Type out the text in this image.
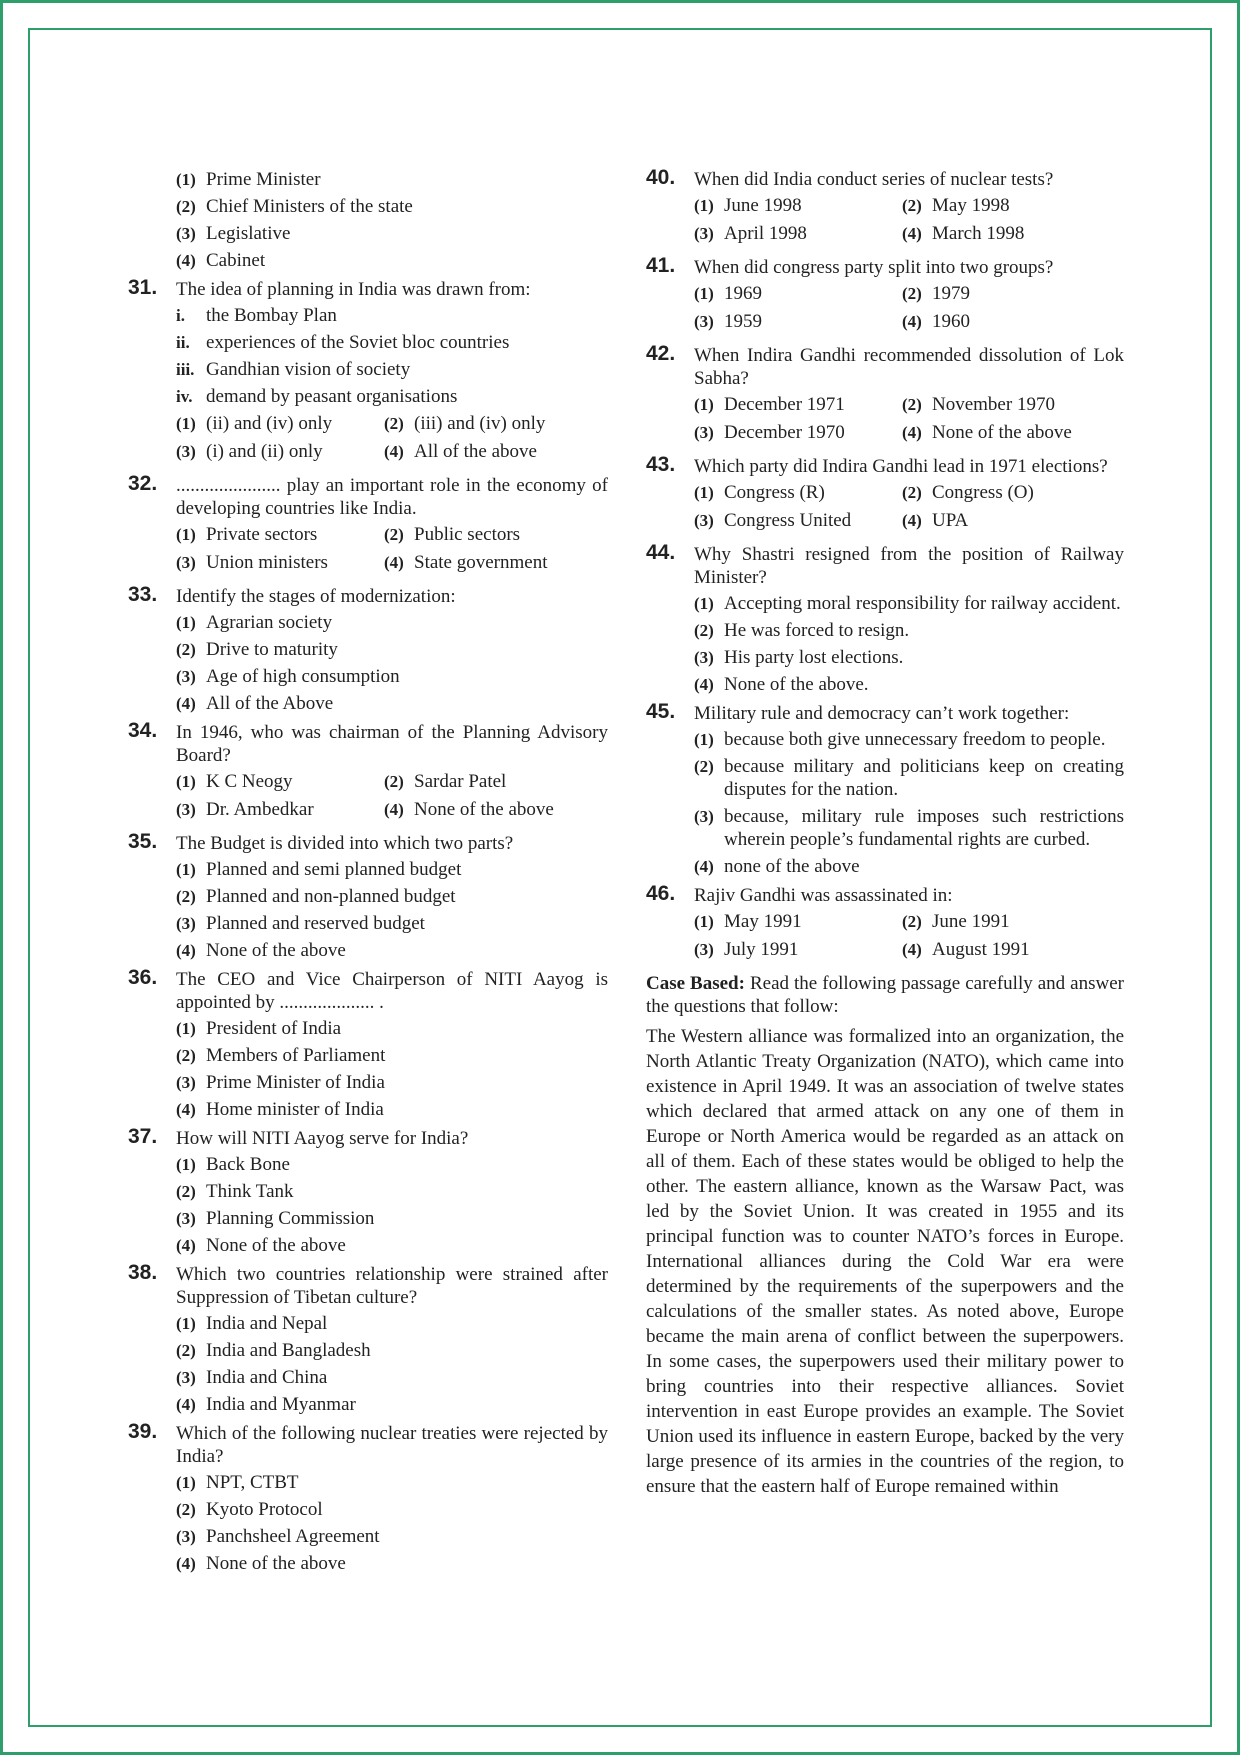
(1) Prime Minister
(2) Chief Ministers of the state
(3) Legislative
(4) Cabinet
31. The idea of planning in India was drawn from:
i. the Bombay Plan
ii. experiences of the Soviet bloc countries
iii. Gandhian vision of society
iv. demand by peasant organisations
(1) (ii) and (iv) only	(2) (iii) and (iv) only
(3) (i) and (ii) only	(4) All of the above
32. ...................... play an important role in the economy of developing countries like India.
(1) Private sectors	(2) Public sectors
(3) Union ministers	(4) State government
33. Identify the stages of modernization:
(1) Agrarian society
(2) Drive to maturity
(3) Age of high consumption
(4) All of the Above
34. In 1946, who was chairman of the Planning Advisory Board?
(1) K C Neogy	(2) Sardar Patel
(3) Dr. Ambedkar	(4) None of the above
35. The Budget is divided into which two parts?
(1) Planned and semi planned budget
(2) Planned and non-planned budget
(3) Planned and reserved budget
(4) None of the above
36. The CEO and Vice Chairperson of NITI Aayog is appointed by .................... .
(1) President of India
(2) Members of Parliament
(3) Prime Minister of India
(4) Home minister of India
37. How will NITI Aayog serve for India?
(1) Back Bone
(2) Think Tank
(3) Planning Commission
(4) None of the above
38. Which two countries relationship were strained after Suppression of Tibetan culture?
(1) India and Nepal
(2) India and Bangladesh
(3) India and China
(4) India and Myanmar
39. Which of the following nuclear treaties were rejected by India?
(1) NPT, CTBT
(2) Kyoto Protocol
(3) Panchsheel Agreement
(4) None of the above
40. When did India conduct series of nuclear tests?
(1) June 1998	(2) May 1998
(3) April 1998	(4) March 1998
41. When did congress party split into two groups?
(1) 1969	(2) 1979
(3) 1959	(4) 1960
42. When Indira Gandhi recommended dissolution of Lok Sabha?
(1) December 1971	(2) November 1970
(3) December 1970	(4) None of the above
43. Which party did Indira Gandhi lead in 1971 elections?
(1) Congress (R)	(2) Congress (O)
(3) Congress United	(4) UPA
44. Why Shastri resigned from the position of Railway Minister?
(1) Accepting moral responsibility for railway accident.
(2) He was forced to resign.
(3) His party lost elections.
(4) None of the above.
45. Military rule and democracy can’t work together:
(1) because both give unnecessary freedom to people.
(2) because military and politicians keep on creating disputes for the nation.
(3) because, military rule imposes such restrictions wherein people’s fundamental rights are curbed.
(4) none of the above
46. Rajiv Gandhi was assassinated in:
(1) May 1991	(2) June 1991
(3) July 1991	(4) August 1991
Case Based: Read the following passage carefully and answer the questions that follow:
The Western alliance was formalized into an organization, the North Atlantic Treaty Organization (NATO), which came into existence in April 1949. It was an association of twelve states which declared that armed attack on any one of them in Europe or North America would be regarded as an attack on all of them. Each of these states would be obliged to help the other. The eastern alliance, known as the Warsaw Pact, was led by the Soviet Union. It was created in 1955 and its principal function was to counter NATO’s forces in Europe. International alliances during the Cold War era were determined by the requirements of the superpowers and the calculations of the smaller states. As noted above, Europe became the main arena of conflict between the superpowers. In some cases, the superpowers used their military power to bring countries into their respective alliances. Soviet intervention in east Europe provides an example. The Soviet Union used its influence in eastern Europe, backed by the very large presence of its armies in the countries of the region, to ensure that the eastern half of Europe remained within
